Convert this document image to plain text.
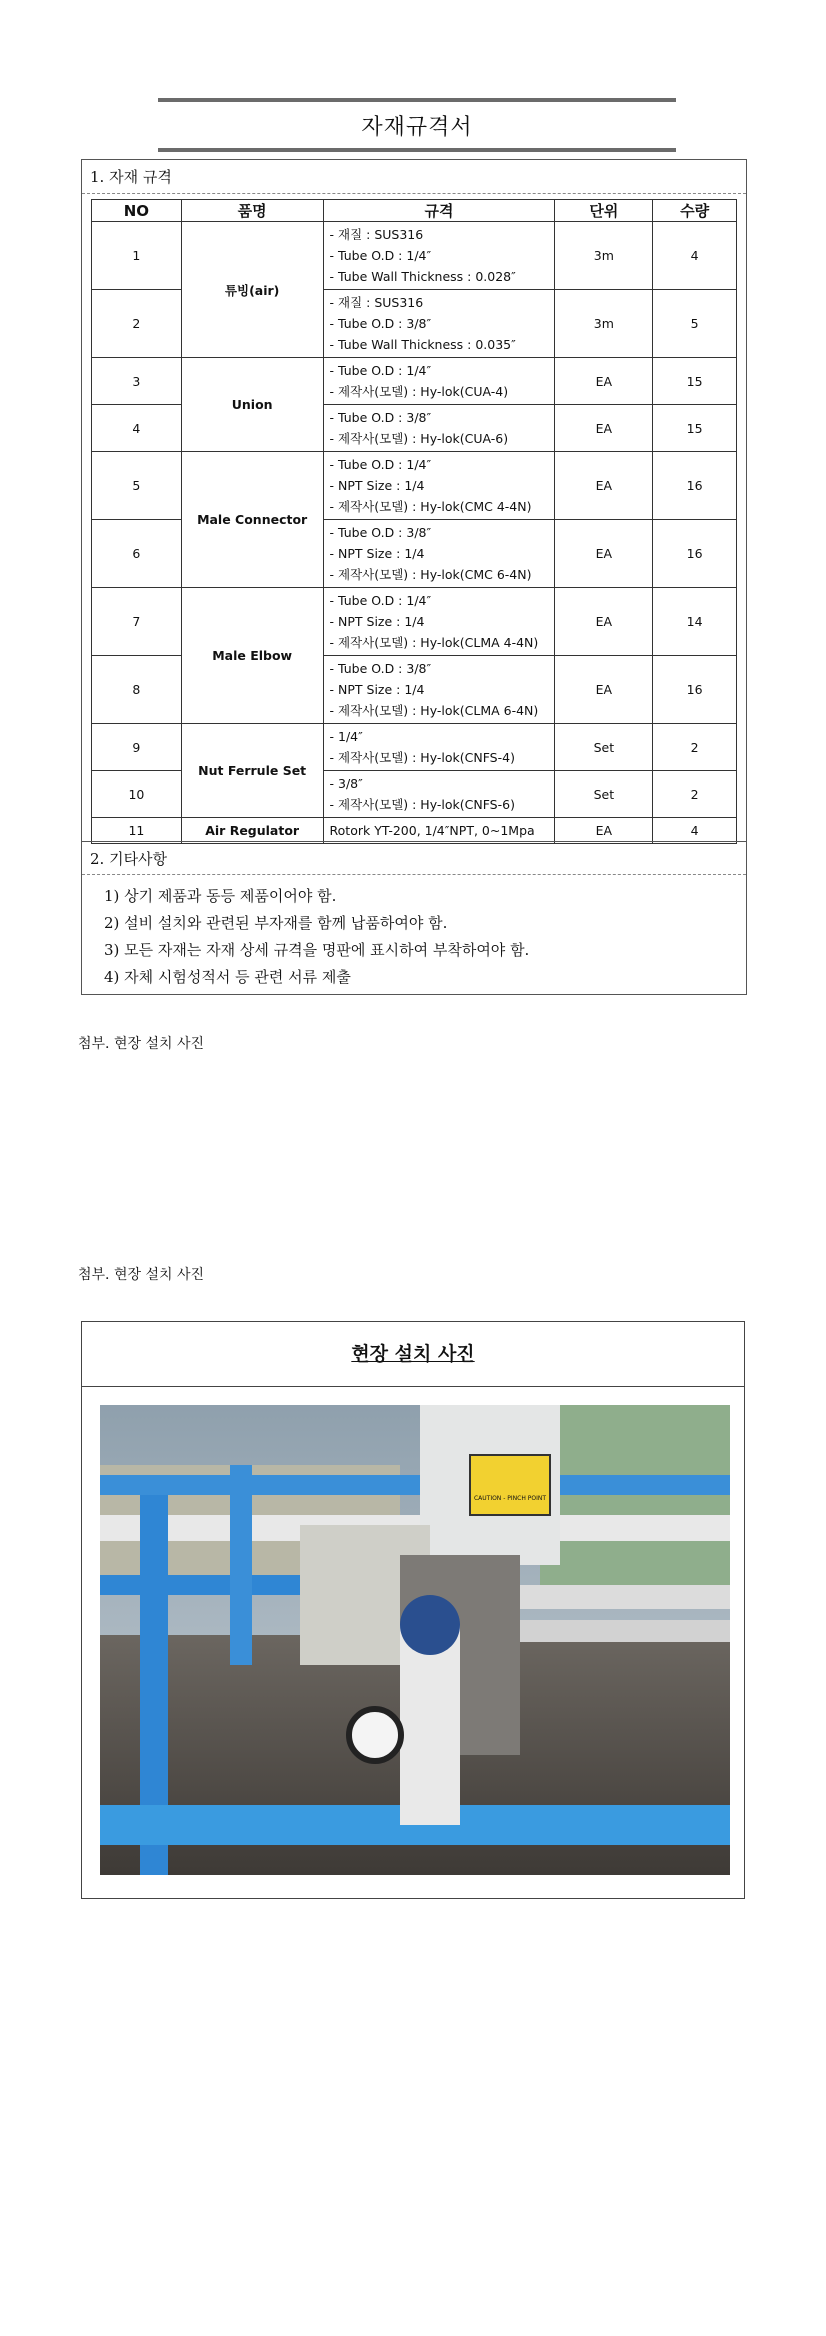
자재규격서
1. 자재 규격
NO	품명	규격	단위	수량
1	튜빙(air)	- 재질 : SUS316
- Tube O.D : 1/4″
- Tube Wall Thickness : 0.028″	3m	4
2		- 재질 : SUS316
- Tube O.D : 3/8″
- Tube Wall Thickness : 0.035″	3m	5
3	Union	- Tube O.D : 1/4″
- 제작사(모델) : Hy-lok(CUA-4)	EA	15
4		- Tube O.D : 3/8″
- 제작사(모델) : Hy-lok(CUA-6)	EA	15
5	Male Connector	- Tube O.D : 1/4″
- NPT Size : 1/4
- 제작사(모델) : Hy-lok(CMC 4-4N)	EA	16
6		- Tube O.D : 3/8″
- NPT Size : 1/4
- 제작사(모델) : Hy-lok(CMC 6-4N)	EA	16
7	Male Elbow	- Tube O.D : 1/4″
- NPT Size : 1/4
- 제작사(모델) : Hy-lok(CLMA 4-4N)	EA	14
8		- Tube O.D : 3/8″
- NPT Size : 1/4
- 제작사(모델) : Hy-lok(CLMA 6-4N)	EA	16
9	Nut Ferrule Set	- 1/4″
- 제작사(모델) : Hy-lok(CNFS-4)	Set	2
10		- 3/8″
- 제작사(모델) : Hy-lok(CNFS-6)	Set	2
11	Air Regulator	Rotork YT-200, 1/4″NPT, 0~1Mpa	EA	4
2. 기타사항
1) 상기 제품과 동등 제품이어야 함.
2) 설비 설치와 관련된 부자재를 함께 납품하여야 함.
3) 모든 자재는 자재 상세 규격을 명판에 표시하여 부착하여야 함.
4) 자체 시험성적서 등 관련 서류 제출
첨부. 현장 설치 사진
첨부. 현장 설치 사진
현장 설치 사진
CAUTION - PINCH POINT
